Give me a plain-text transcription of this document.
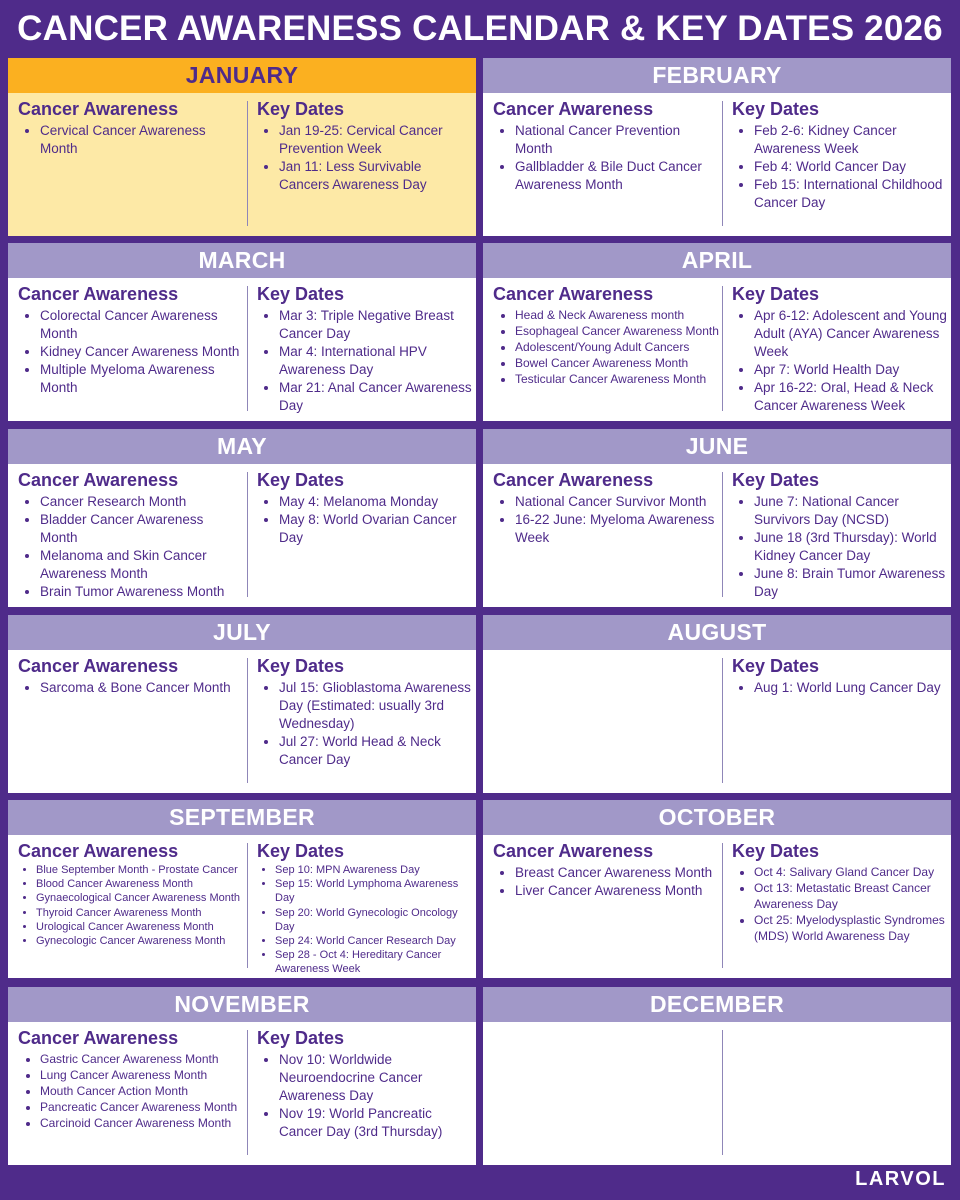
CANCER AWARENESS CALENDAR & KEY DATES 2026
JANUARY
Cancer Awareness
• Cervical Cancer Awareness Month
Key Dates
• Jan 19-25: Cervical Cancer Prevention Week
• Jan 11: Less Survivable Cancers Awareness Day
FEBRUARY
Cancer Awareness
• National Cancer Prevention Month
• Gallbladder & Bile Duct Cancer Awareness Month
Key Dates
• Feb 2-6: Kidney Cancer Awareness Week
• Feb 4: World Cancer Day
• Feb 15: International Childhood Cancer Day
MARCH
Cancer Awareness
• Colorectal Cancer Awareness Month
• Kidney Cancer Awareness Month
• Multiple Myeloma Awareness Month
Key Dates
• Mar 3: Triple Negative Breast Cancer Day
• Mar 4: International HPV Awareness Day
• Mar 21: Anal Cancer Awareness Day
APRIL
Cancer Awareness
• Head & Neck Awareness month
• Esophageal Cancer Awareness Month
• Adolescent/Young Adult Cancers
• Bowel Cancer Awareness Month
• Testicular Cancer Awareness Month
Key Dates
• Apr 6-12: Adolescent and Young Adult (AYA) Cancer Awareness Week
• Apr 7: World Health Day
• Apr 16-22: Oral, Head & Neck Cancer Awareness Week
MAY
Cancer Awareness
• Cancer Research Month
• Bladder Cancer Awareness Month
• Melanoma and Skin Cancer Awareness Month
• Brain Tumor Awareness Month
Key Dates
• May 4: Melanoma Monday
• May 8: World Ovarian Cancer Day
JUNE
Cancer Awareness
• National Cancer Survivor Month
• 16-22 June: Myeloma Awareness Week
Key Dates
• June 7: National Cancer Survivors Day (NCSD)
• June 18 (3rd Thursday): World Kidney Cancer Day
• June 8: Brain Tumor Awareness Day
JULY
Cancer Awareness
• Sarcoma & Bone Cancer Month
Key Dates
• Jul 15: Glioblastoma Awareness Day (Estimated: usually 3rd Wednesday)
• Jul 27: World Head & Neck Cancer Day
AUGUST
Key Dates
• Aug 1: World Lung Cancer Day
SEPTEMBER
Cancer Awareness
• Blue September Month - Prostate Cancer
• Blood Cancer Awareness Month
• Gynaecological Cancer Awareness Month
• Thyroid Cancer Awareness Month
• Urological Cancer Awareness Month
• Gynecologic Cancer Awareness Month
Key Dates
• Sep 10: MPN Awareness Day
• Sep 15: World Lymphoma Awareness Day
• Sep 20: World Gynecologic Oncology Day
• Sep 24: World Cancer Research Day
• Sep 28 - Oct 4: Hereditary Cancer Awareness Week
OCTOBER
Cancer Awareness
• Breast Cancer Awareness Month
• Liver Cancer Awareness Month
Key Dates
• Oct 4: Salivary Gland Cancer Day
• Oct 13: Metastatic Breast Cancer Awareness Day
• Oct 25: Myelodysplastic Syndromes (MDS) World Awareness Day
NOVEMBER
Cancer Awareness
• Gastric Cancer Awareness Month
• Lung Cancer Awareness Month
• Mouth Cancer Action Month
• Pancreatic Cancer Awareness Month
• Carcinoid Cancer Awareness Month
Key Dates
• Nov 10: Worldwide Neuroendocrine Cancer Awareness Day
• Nov 19: World Pancreatic Cancer Day (3rd Thursday)
DECEMBER
LARVOL
